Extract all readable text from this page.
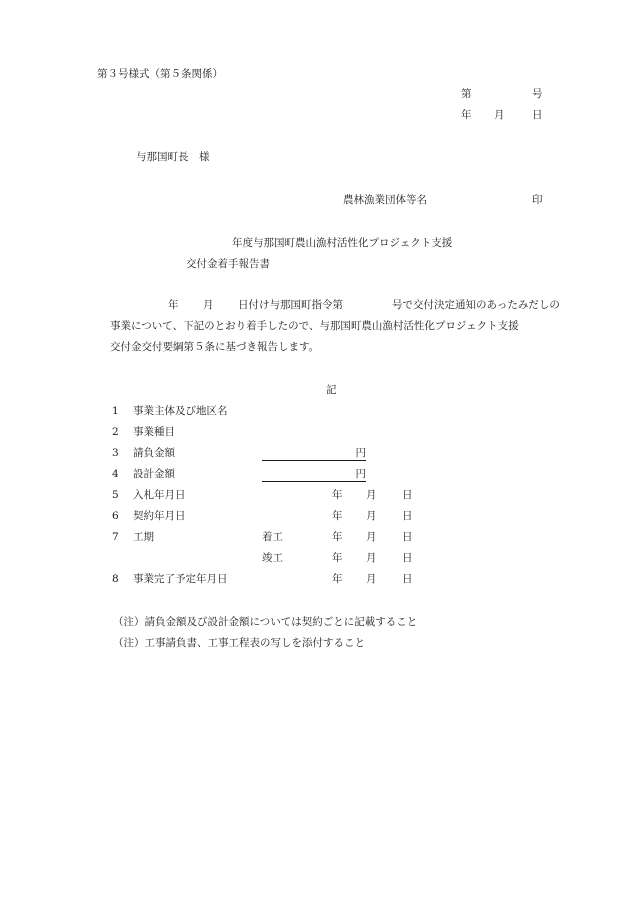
第３号様式（第５条関係）
第	号
年 月	日
与那国町長　様
農林漁業団体等名	印
年度与那国町農山漁村活性化プロジェクト支援
交付金着手報告書
年 月 日付け与那国町指令第	号で交付決定通知のあったみだしの
事業について、下記のとおり着手したので、与那国町農山漁村活性化プロジェクト支援
交付金交付要綱第５条に基づき報告します。
記
1 事業主体及び地区名
2 事業種目
3 請負金額	円
4 設計金額	円
5 入札年月日	年 月 日
6 契約年月日	年 月 日
7 工期	着工	年 月 日
竣工	年 月 日
8 事業完了予定年月日	年 月 日
（注）請負金額及び設計金額については契約ごとに記載すること
（注）工事請負書、工事工程表の写しを添付すること
